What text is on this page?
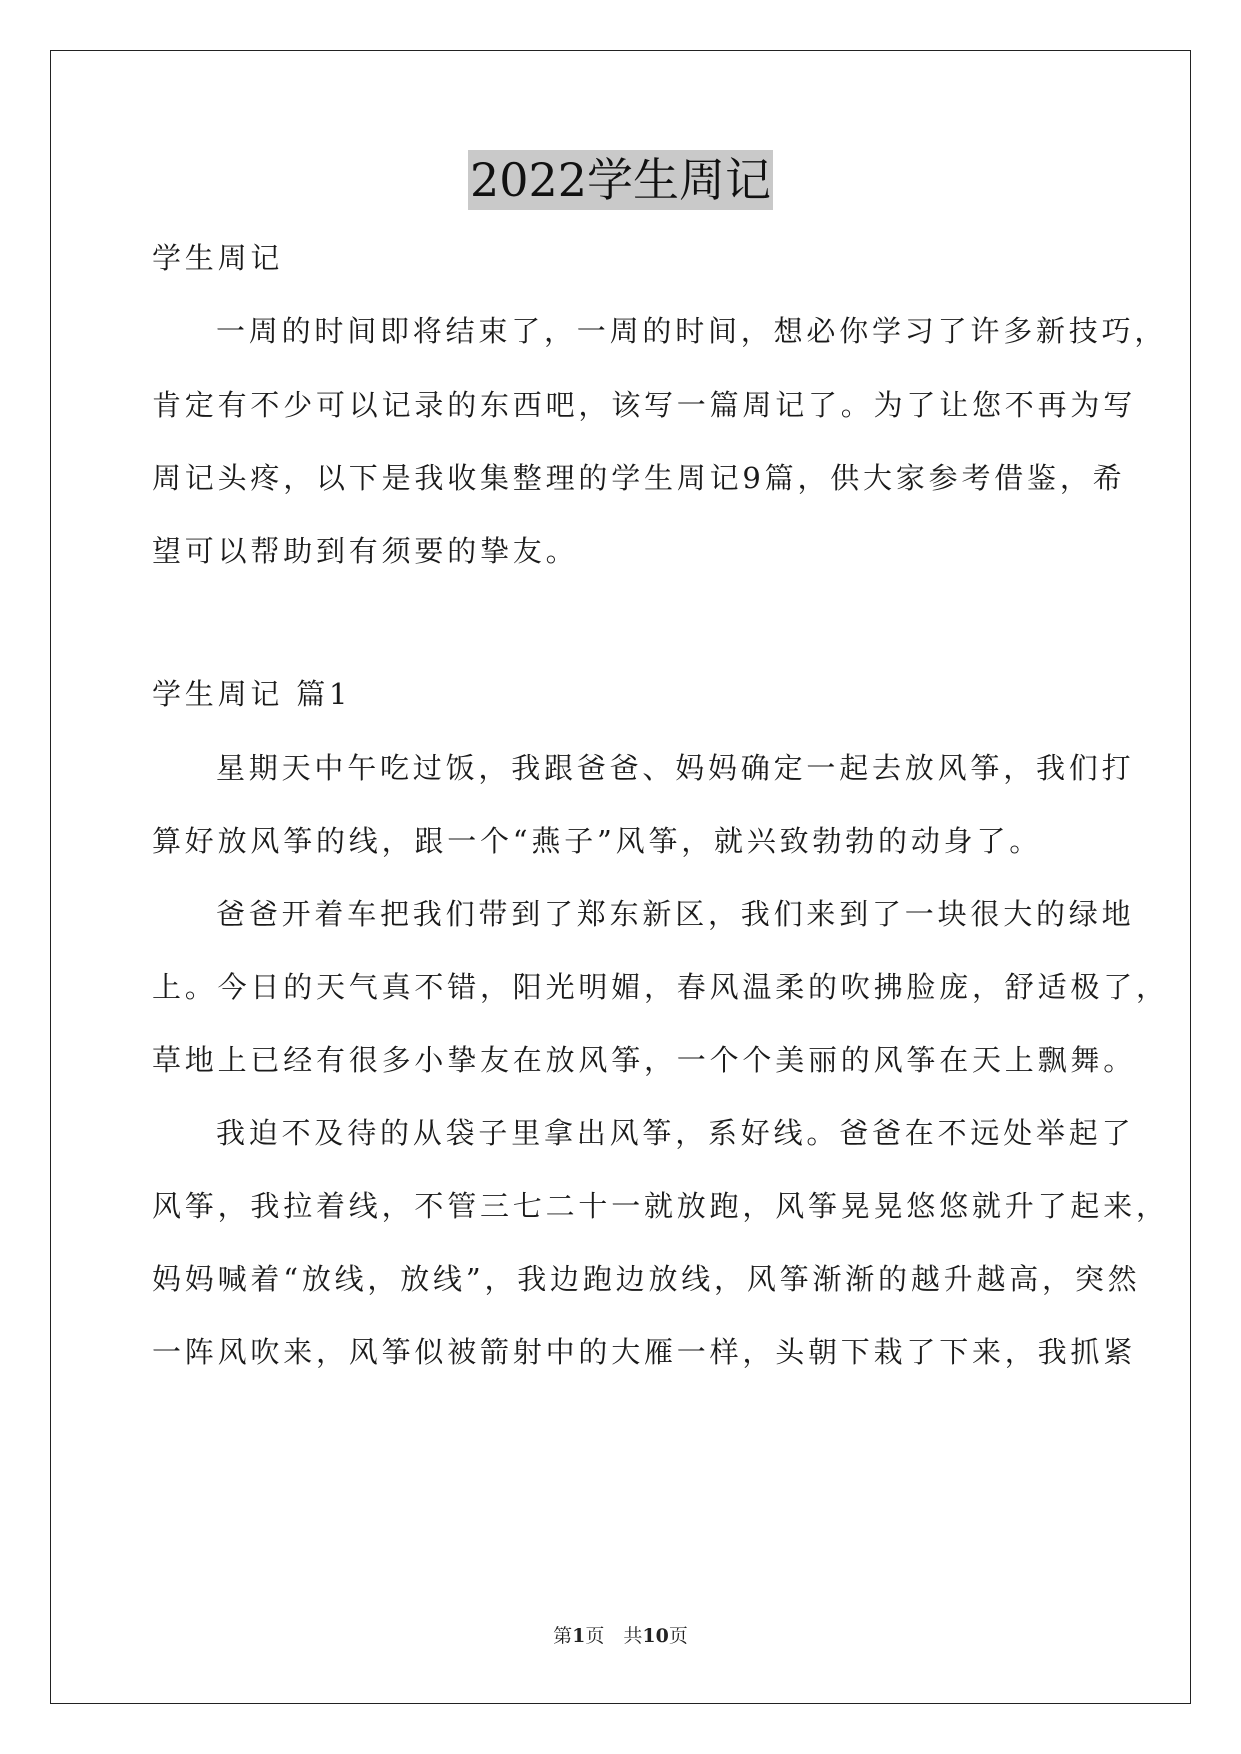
2022学生周记
学生周记
一周的时间即将结束了，一周的时间，想必你学习了许多新技巧，
肯定有不少可以记录的东西吧，该写一篇周记了。为了让您不再为写
周记头疼，以下是我收集整理的学生周记9篇，供大家参考借鉴，希
望可以帮助到有须要的挚友。
学生周记 篇1
星期天中午吃过饭，我跟爸爸、妈妈确定一起去放风筝，我们打
算好放风筝的线，跟一个“燕子”风筝，就兴致勃勃的动身了。
爸爸开着车把我们带到了郑东新区，我们来到了一块很大的绿地
上。今日的天气真不错，阳光明媚，春风温柔的吹拂脸庞，舒适极了，
草地上已经有很多小挚友在放风筝，一个个美丽的风筝在天上飘舞。
我迫不及待的从袋子里拿出风筝，系好线。爸爸在不远处举起了
风筝，我拉着线，不管三七二十一就放跑，风筝晃晃悠悠就升了起来，
妈妈喊着“放线，放线”，我边跑边放线，风筝渐渐的越升越高，突然
一阵风吹来，风筝似被箭射中的大雁一样，头朝下栽了下来，我抓紧
第1页　共10页
